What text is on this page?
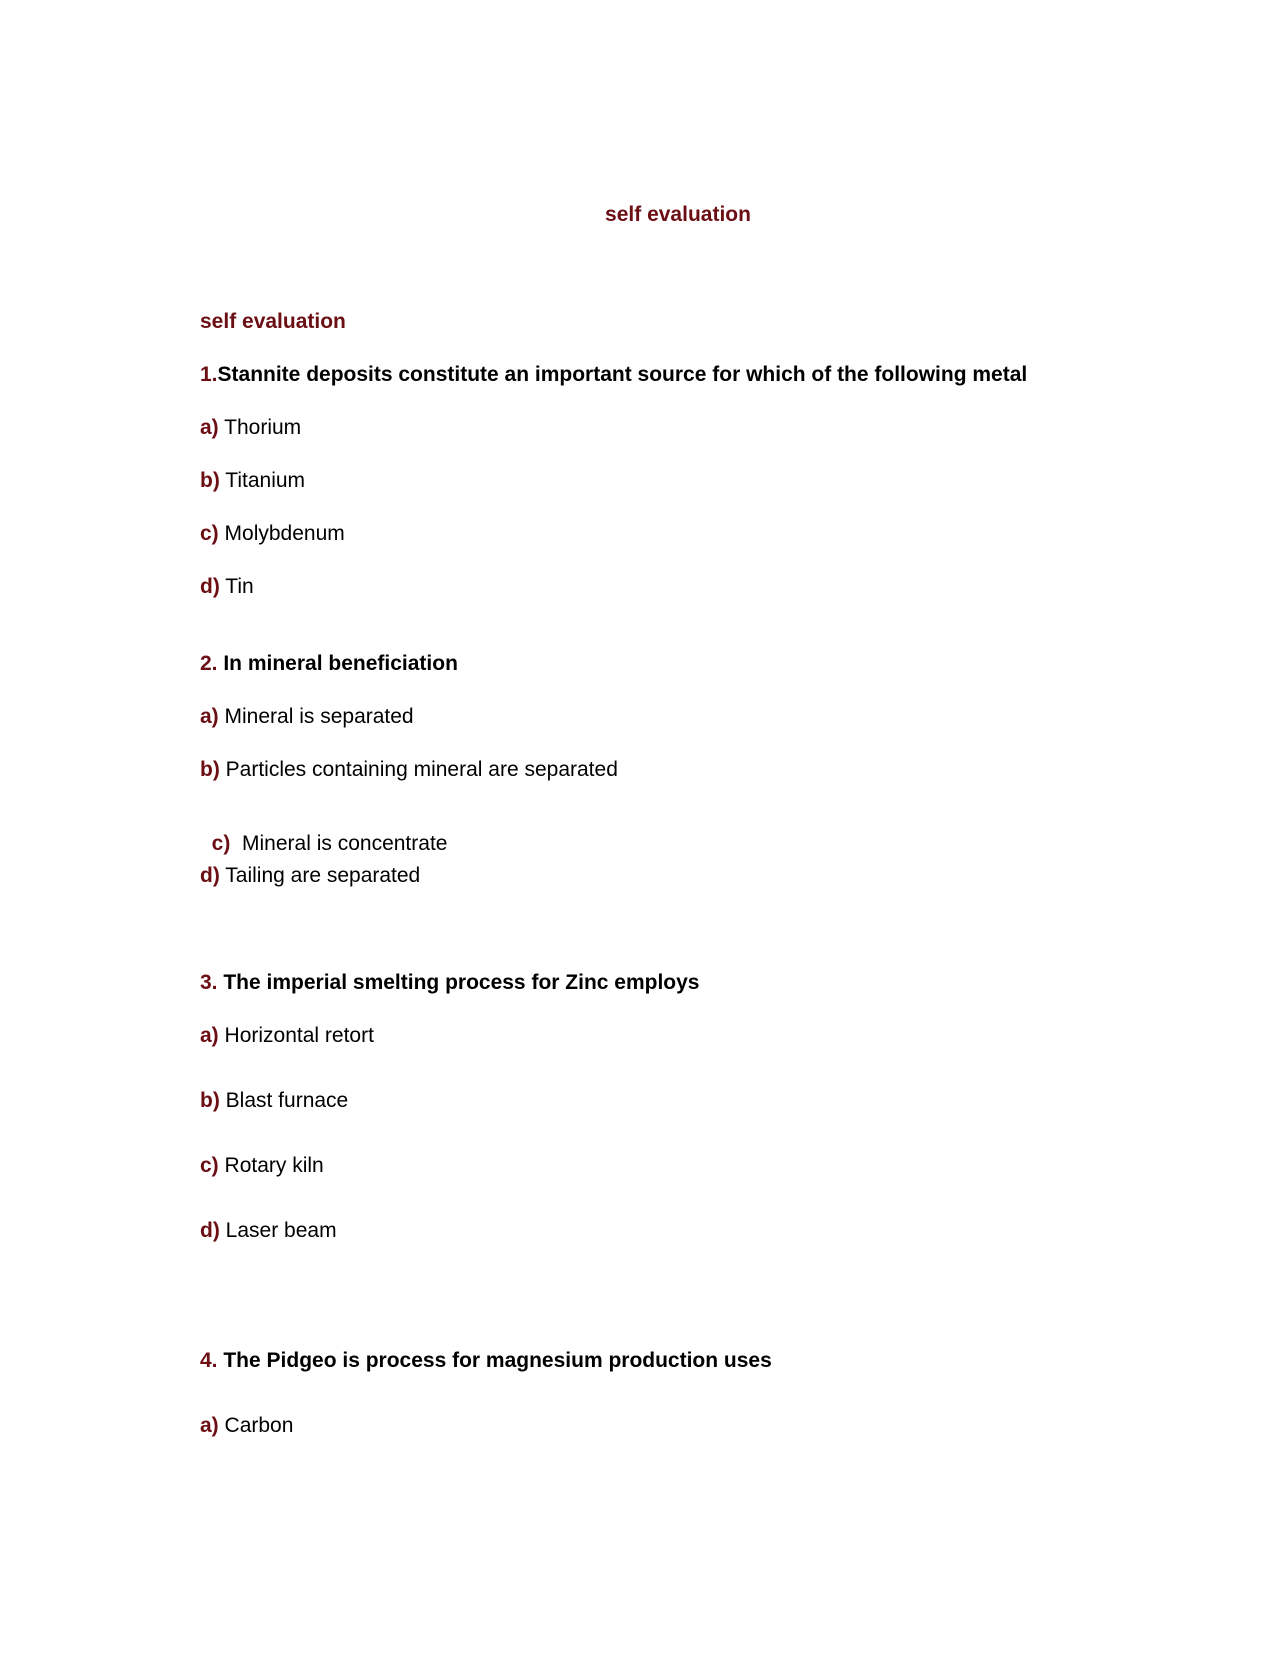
self evaluation
self evaluation
1.Stannite deposits constitute an important source for which of the following metal
a) Thorium
b) Titanium
c) Molybdenum
d) Tin
2. In mineral beneficiation
a) Mineral is separated
b) Particles containing mineral are separated

c)  Mineral is concentrate

d) Tailing are separated
3. The imperial smelting process for Zinc employs
a) Horizontal retort
b) Blast furnace
c) Rotary kiln
d) Laser beam
4. The Pidgeo is process for magnesium production uses
a) Carbon
